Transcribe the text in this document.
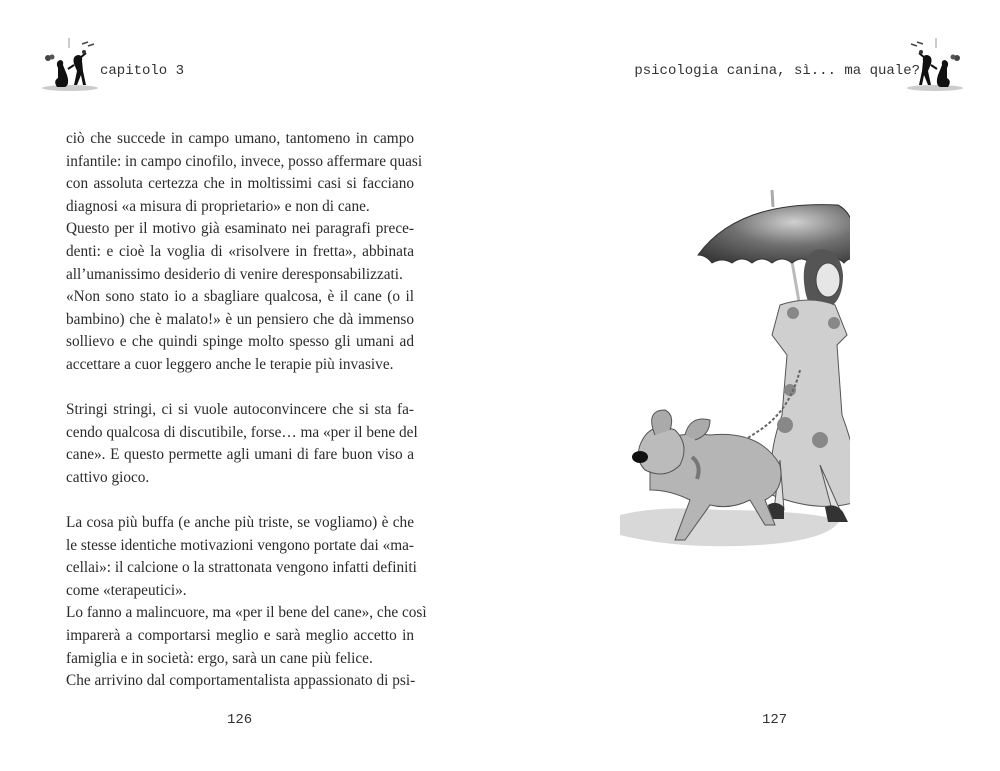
capitolo 3
ciò che succede in campo umano, tantomeno in campo
infantile: in campo cinofilo, invece, posso affermare quasi
con assoluta certezza che in moltissimi casi si facciano
diagnosi «a misura di proprietario» e non di cane.
Questo per il motivo già esaminato nei paragrafi prece-
denti: e cioè la voglia di «risolvere in fretta», abbinata
all’umanissimo desiderio di venire deresponsabilizzati.
«Non sono stato io a sbagliare qualcosa, è il cane (o il
bambino) che è malato!» è un pensiero che dà immenso
sollievo e che quindi spinge molto spesso gli umani ad
accettare a cuor leggero anche le terapie più invasive.
Stringi stringi, ci si vuole autoconvincere che si sta fa-
cendo qualcosa di discutibile, forse… ma «per il bene del
cane». E questo permette agli umani di fare buon viso a
cattivo gioco.
La cosa più buffa (e anche più triste, se vogliamo) è che
le stesse identiche motivazioni vengono portate dai «ma-
cellai»: il calcione o la strattonata vengono infatti definiti
come «terapeutici».
Lo fanno a malincuore, ma «per il bene del cane», che così
imparerà a comportarsi meglio e sarà meglio accetto in
famiglia e in società: ergo, sarà un cane più felice.
Che arrivino dal comportamentalista appassionato di psi-
126
psicologia canina, sì... ma quale?
127
